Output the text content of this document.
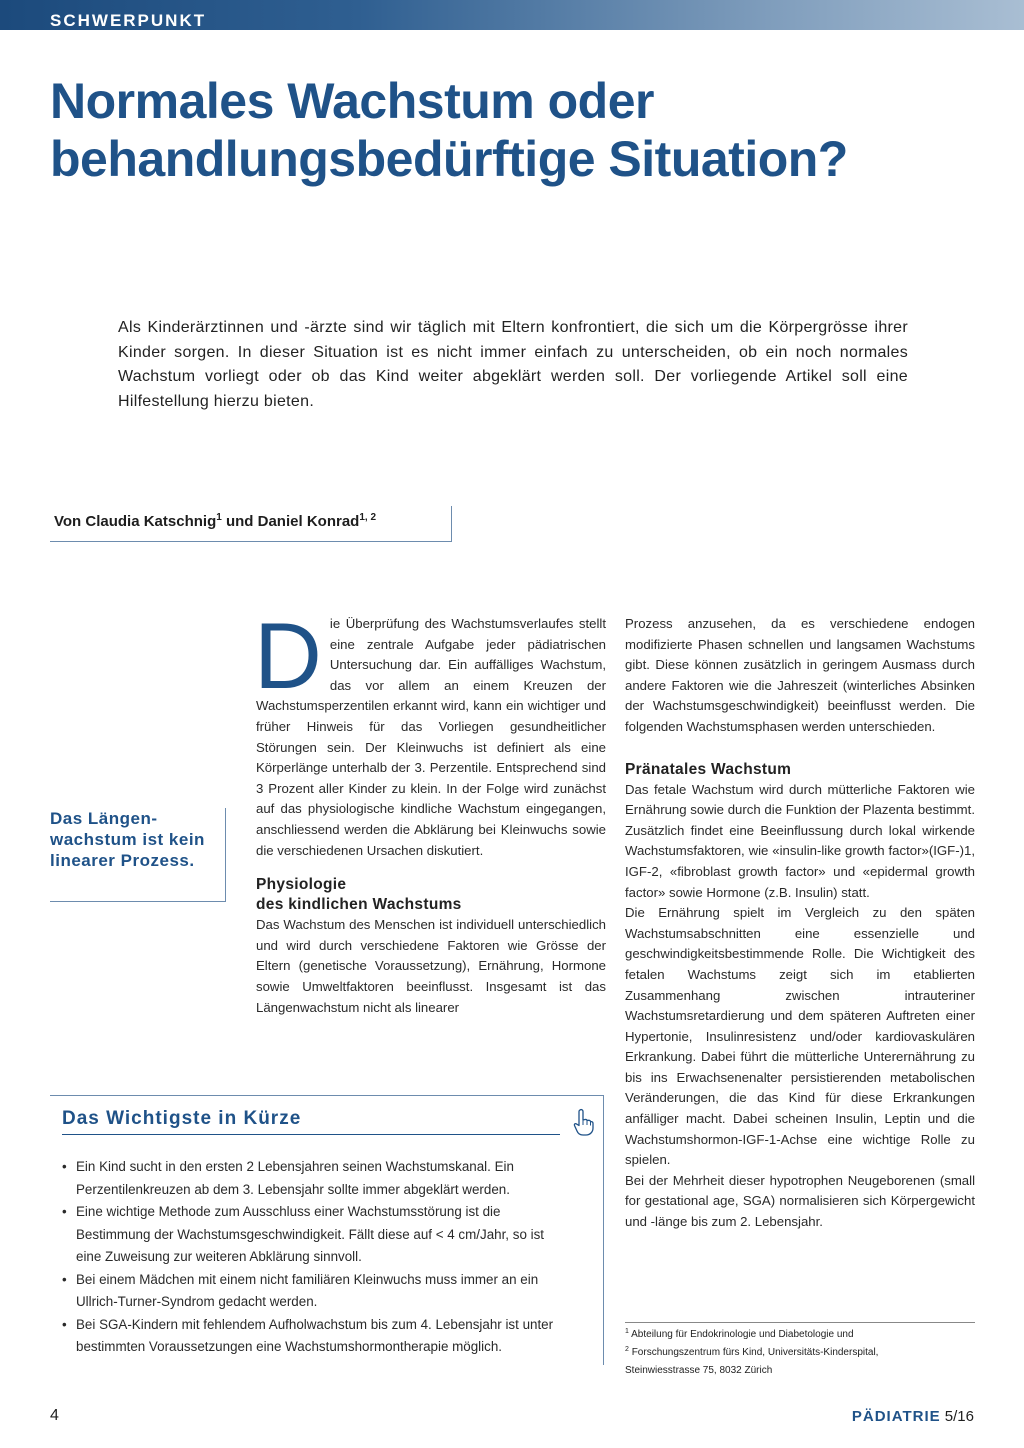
SCHWERPUNKT
Normales Wachstum oder
behandlungsbedürftige Situation?

Als Kinderärztinnen und -ärzte sind wir täglich mit Eltern konfrontiert, die sich um die Körpergrösse ihrer Kinder sorgen. In dieser Situation ist es nicht immer einfach zu unterscheiden, ob ein noch normales Wachstum vorliegt oder ob das Kind weiter abgeklärt werden soll. Der vorliegende Artikel soll eine Hilfestellung hierzu bieten.

Von Claudia Katschnig$^1$ und Daniel Konrad$^{1, 2}$

Das Längen-wachstum ist kein linearer Prozess.

Die Überprüfung des Wachstumsverlaufes stellt eine zentrale Aufgabe jeder pädiatrischen Untersuchung dar. Ein auffälliges Wachstum, das vor allem an einem Kreuzen der Wachstumsperzentilen erkannt wird, kann ein wichtiger und früher Hinweis für das Vorliegen gesundheitlicher Störungen sein. Der Kleinwuchs ist definiert als eine Körperlänge unterhalb der 3. Perzentile. Entsprechend sind 3 Prozent aller Kinder zu klein. In der Folge wird zunächst auf das physiologische kindliche Wachstum eingegangen, anschliessend werden die Abklärung bei Kleinwuchs sowie die verschiedenen Ursachen diskutiert.

Physiologie
des kindlichen Wachstums

Das Wachstum des Menschen ist individuell unterschiedlich und wird durch verschiedene Faktoren wie Grösse der Eltern (genetische Voraussetzung), Ernährung, Hormone sowie Umweltfaktoren beeinflusst. Insgesamt ist das Längenwachstum nicht als linearer

Prozess anzusehen, da es verschiedene endogen modifizierte Phasen schnellen und langsamen Wachstums gibt. Diese können zusätzlich in geringem Ausmass durch andere Faktoren wie die Jahreszeit (winterliches Absinken der Wachstumsgeschwindigkeit) beeinflusst werden. Die folgenden Wachstumsphasen werden unterschieden.

Pränatales Wachstum

Das fetale Wachstum wird durch mütterliche Faktoren wie Ernährung sowie durch die Funktion der Plazenta bestimmt. Zusätzlich findet eine Beeinflussung durch lokal wirkende Wachstumsfaktoren, wie «insulin-like growth factor»(IGF-)1, IGF-2, «fibroblast growth factor» und «epidermal growth factor» sowie Hormone (z.B. Insulin) statt.

Die Ernährung spielt im Vergleich zu den späten Wachstumsabschnitten eine essenzielle und geschwindigkeitsbestimmende Rolle. Die Wichtigkeit des fetalen Wachstums zeigt sich im etablierten Zusammenhang zwischen intrauteriner Wachstumsretardierung und dem späteren Auftreten einer Hypertonie, Insulinresistenz und/oder kardiovaskulären Erkrankung. Dabei führt die mütterliche Unterernährung zu bis ins Erwachsenenalter persistierenden metabolischen Veränderungen, die das Kind für diese Erkrankungen anfälliger macht. Dabei scheinen Insulin, Leptin und die Wachstumshormon-IGF-1-Achse eine wichtige Rolle zu spielen.

Bei der Mehrheit dieser hypotrophen Neugeborenen (small for gestational age, SGA) normalisieren sich Körpergewicht und -länge bis zum 2. Lebensjahr.

Das Wichtigste in Kürze
• Ein Kind sucht in den ersten 2 Lebensjahren seinen Wachstumskanal. Ein Perzentilenkreuzen ab dem 3. Lebensjahr sollte immer abgeklärt werden.
• Eine wichtige Methode zum Ausschluss einer Wachstumsstörung ist die Bestimmung der Wachstumsgeschwindigkeit. Fällt diese auf < 4 cm/Jahr, so ist eine Zuweisung zur weiteren Abklärung sinnvoll.
• Bei einem Mädchen mit einem nicht familiären Kleinwuchs muss immer an ein Ullrich-Turner-Syndrom gedacht werden.
• Bei SGA-Kindern mit fehlendem Aufholwachstum bis zum 4. Lebensjahr ist unter bestimmten Voraussetzungen eine Wachstumshormontherapie möglich.

$^1$ Abteilung für Endokrinologie und Diabetologie und

$^2$ Forschungszentrum fürs Kind, Universitäts-Kinderspital,

Steinwiesstrasse 75, 8032 Zürich

4	PÄDIATRIE 5/16
